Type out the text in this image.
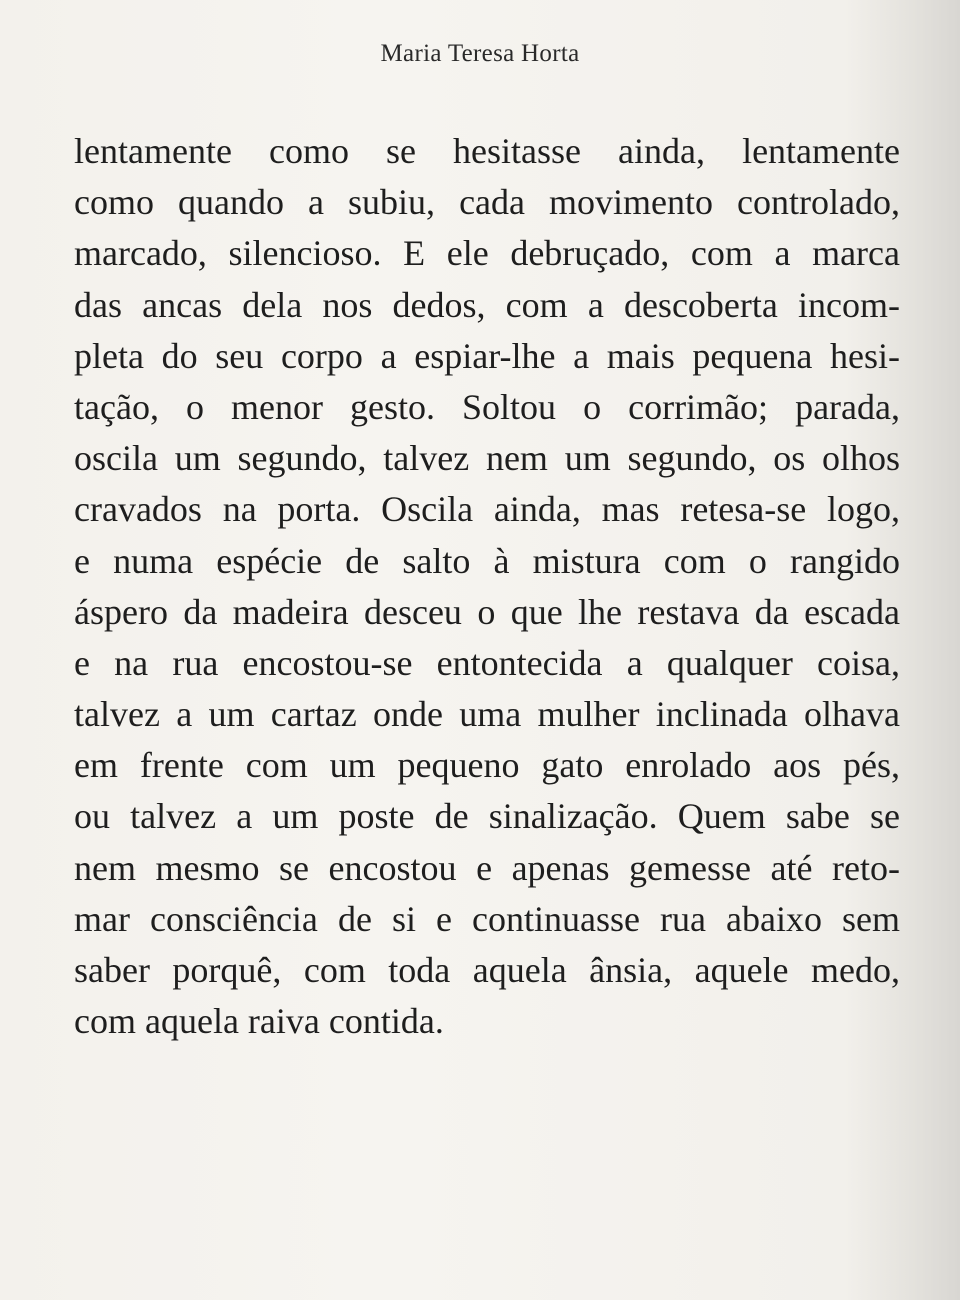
Maria Teresa Horta
lentamente como se hesitasse ainda, lentamente
como quando a subiu, cada movimento controlado,
marcado, silencioso. E ele debruçado, com a marca
das ancas dela nos dedos, com a descoberta incom-
pleta do seu corpo a espiar-lhe a mais pequena hesi-
tação, o menor gesto. Soltou o corrimão; parada,
oscila um segundo, talvez nem um segundo, os olhos
cravados na porta. Oscila ainda, mas retesa-se logo,
e numa espécie de salto à mistura com o rangido
áspero da madeira desceu o que lhe restava da escada
e na rua encostou-se entontecida a qualquer coisa,
talvez a um cartaz onde uma mulher inclinada olhava
em frente com um pequeno gato enrolado aos pés,
ou talvez a um poste de sinalização. Quem sabe se
nem mesmo se encostou e apenas gemesse até reto-
mar consciência de si e continuasse rua abaixo sem
saber porquê, com toda aquela ânsia, aquele medo,
com aquela raiva contida.
